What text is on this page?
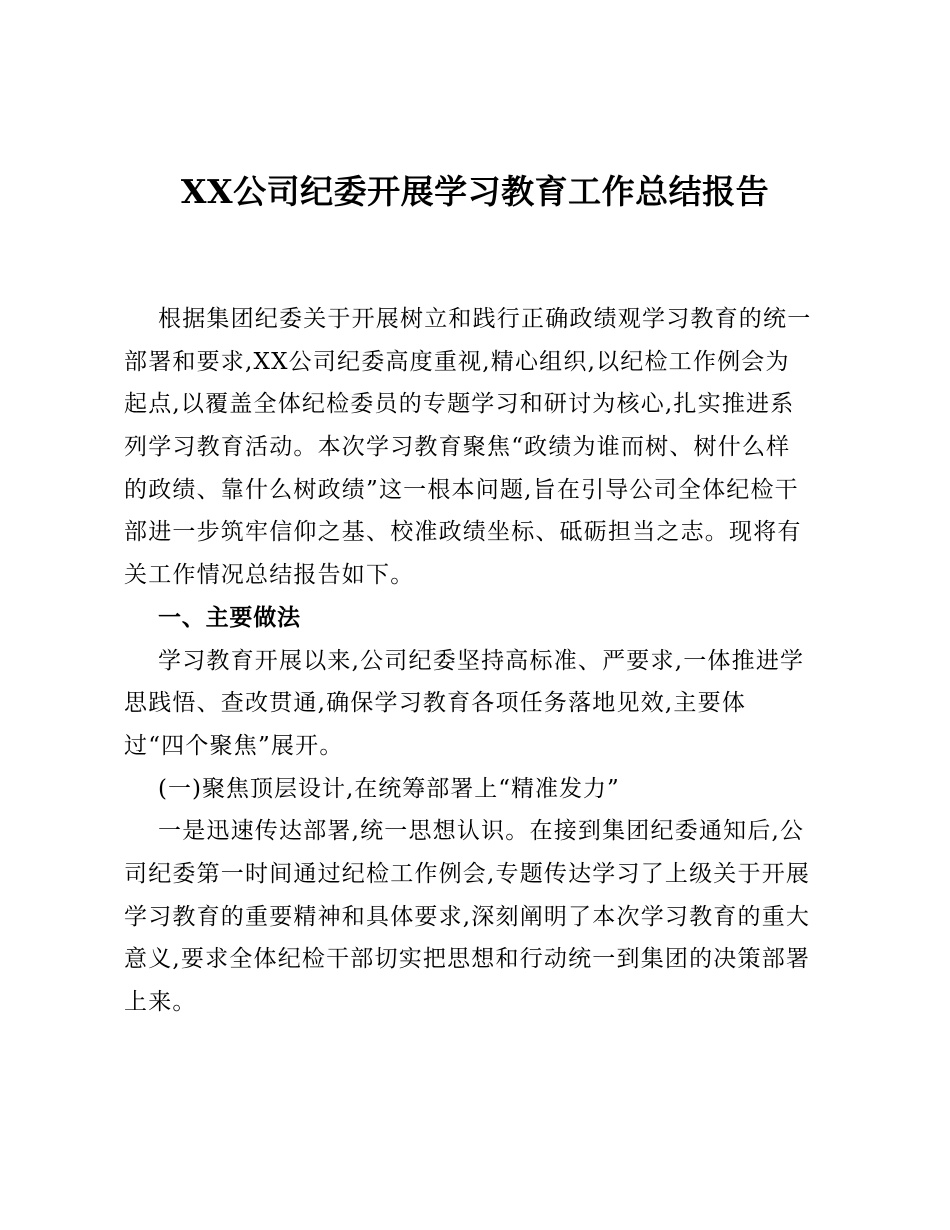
XX公司纪委开展学习教育工作总结报告
根据集团纪委关于开展树立和践行正确政绩观学习教育的统一
部署和要求,XX公司纪委高度重视,精心组织,以纪检工作例会为
起点,以覆盖全体纪检委员的专题学习和研讨为核心,扎实推进系
列学习教育活动。本次学习教育聚焦“政绩为谁而树、树什么样
的政绩、靠什么树政绩”这一根本问题,旨在引导公司全体纪检干
部进一步筑牢信仰之基、校准政绩坐标、砥砺担当之志。现将有
关工作情况总结报告如下。
一、主要做法
学习教育开展以来,公司纪委坚持高标准、严要求,一体推进学
思践悟、查改贯通,确保学习教育各项任务落地见效,主要体
过“四个聚焦”展开。
(一)聚焦顶层设计,在统筹部署上“精准发力”
一是迅速传达部署,统一思想认识。在接到集团纪委通知后,公
司纪委第一时间通过纪检工作例会,专题传达学习了上级关于开展
学习教育的重要精神和具体要求,深刻阐明了本次学习教育的重大
意义,要求全体纪检干部切实把思想和行动统一到集团的决策部署
上来。
